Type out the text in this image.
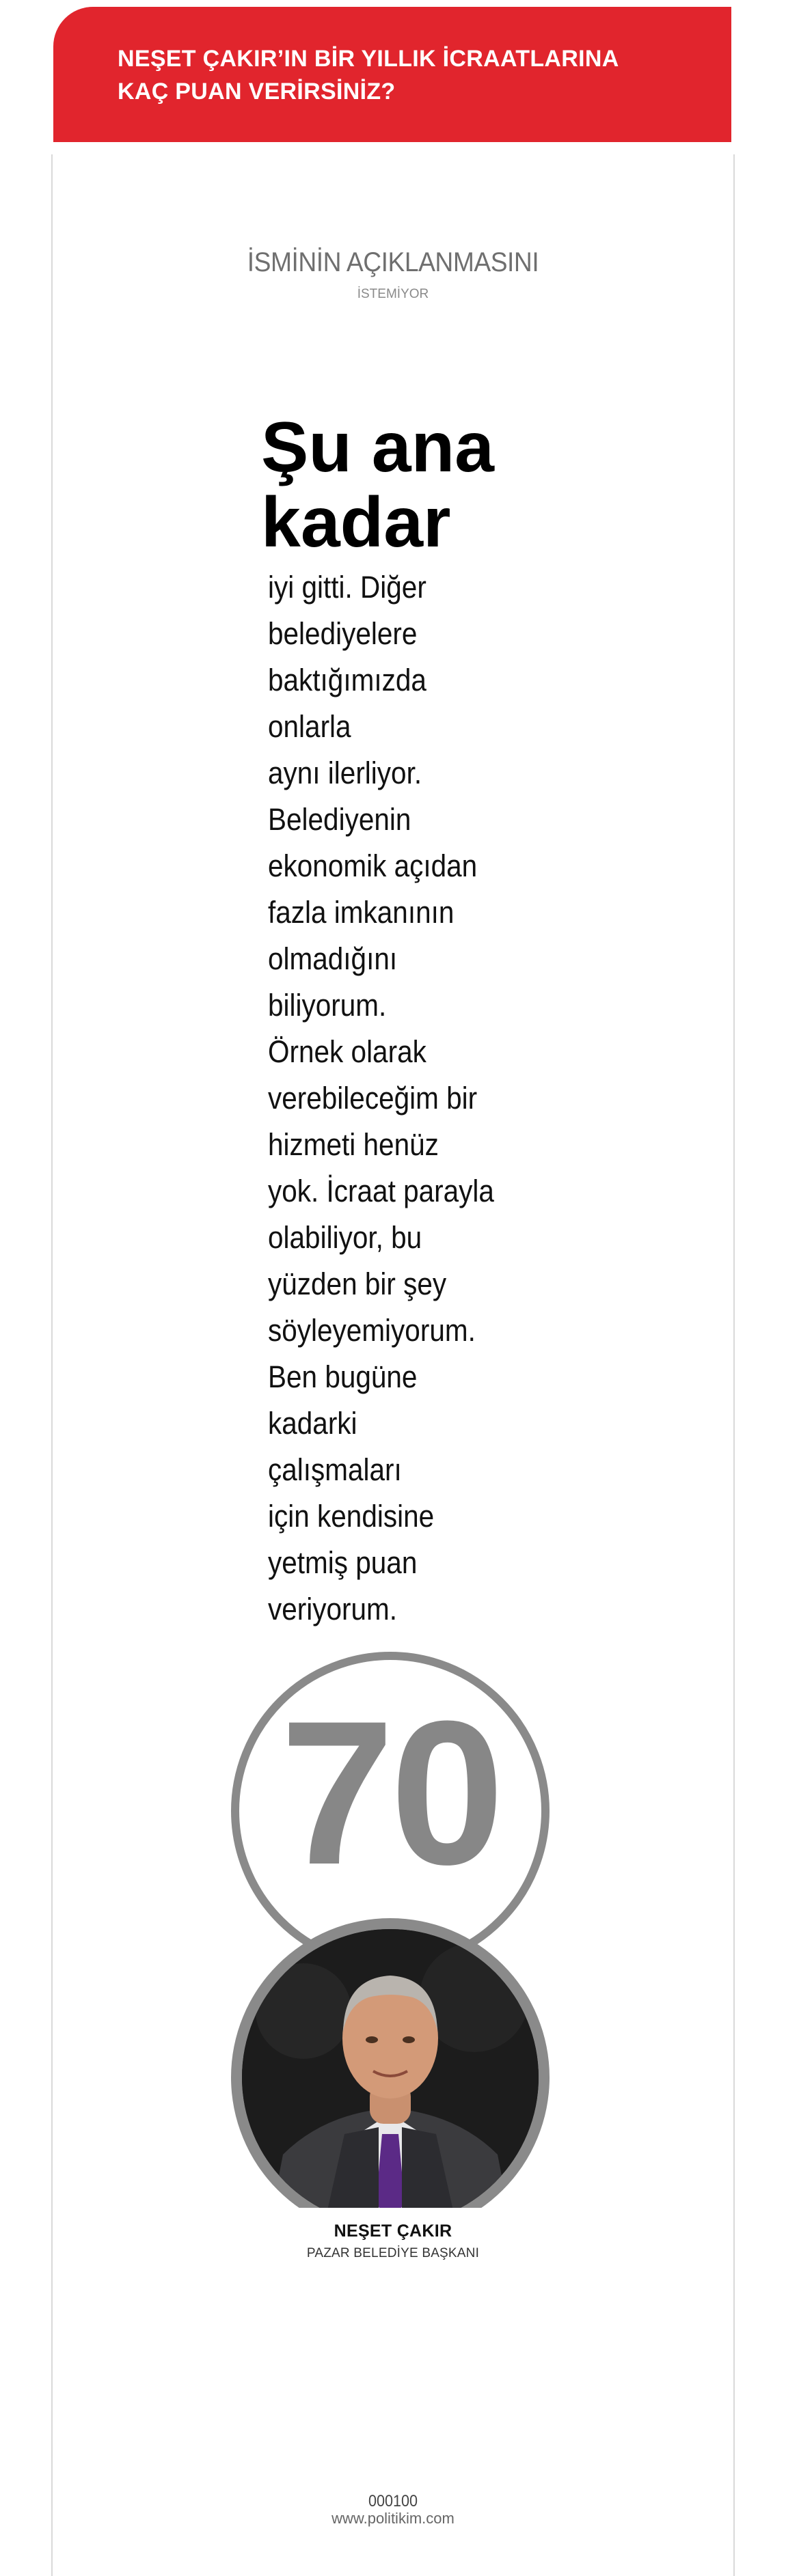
NEŞET ÇAKIR’IN BİR YILLIK İCRAATLARINA
KAÇ PUAN VERİRSİNİZ?
İSMİNİN AÇIKLANMASINI
İSTEMİYOR
Şu ana
kadar
iyi gitti. Diğer
belediyelere
baktığımızda
onlarla
aynı ilerliyor.
Belediyenin
ekonomik açıdan
fazla imkanının
olmadığını
biliyorum.
Örnek olarak
verebileceğim bir
hizmeti henüz
yok. İcraat parayla
olabiliyor, bu
yüzden bir şey
söyleyemiyorum.
Ben bugüne
kadarki
çalışmaları
için kendisine
yetmiş puan
veriyorum.
70
NEŞET ÇAKIR
PAZAR BELEDİYE BAŞKANI
000100
www.politikim.com
